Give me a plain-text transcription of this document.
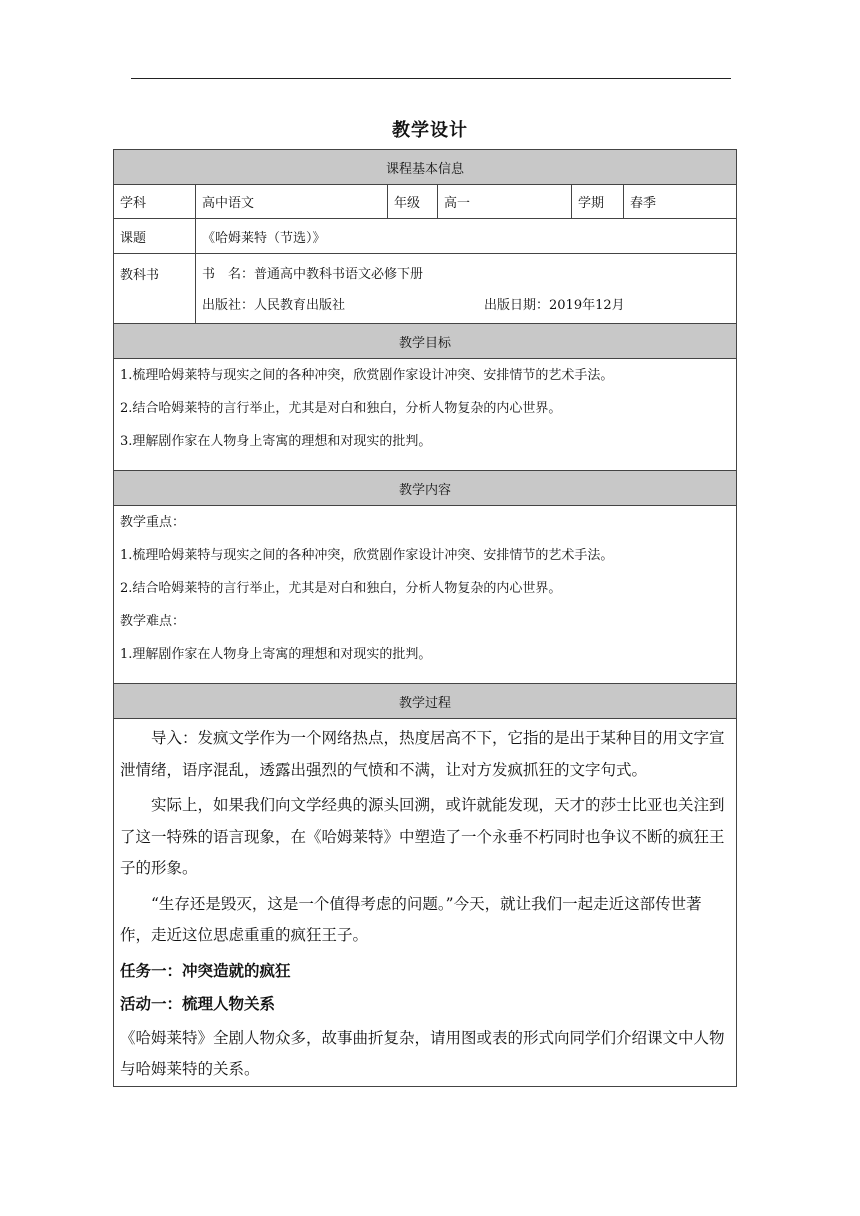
教学设计
课程基本信息
学科	高中语文	年级	高一	学期	春季
课题	《哈姆莱特（节选）》
教科书	书　名：普通高中教科书语文必修下册
出版社：人民教育出版社	出版日期：2019年12月
教学目标

1.梳理哈姆莱特与现实之间的各种冲突，欣赏剧作家设计冲突、安排情节的艺术手法。

2.结合哈姆莱特的言行举止，尤其是对白和独白，分析人物复杂的内心世界。

3.理解剧作家在人物身上寄寓的理想和对现实的批判。

教学内容

教学重点：

1.梳理哈姆莱特与现实之间的各种冲突，欣赏剧作家设计冲突、安排情节的艺术手法。

2.结合哈姆莱特的言行举止，尤其是对白和独白，分析人物复杂的内心世界。

教学难点：

1.理解剧作家在人物身上寄寓的理想和对现实的批判。

教学过程

导入：发疯文学作为一个网络热点，热度居高不下，它指的是出于某种目的用文字宣泄情绪，语序混乱，透露出强烈的气愤和不满，让对方发疯抓狂的文字句式。

实际上，如果我们向文学经典的源头回溯，或许就能发现，天才的莎士比亚也关注到了这一特殊的语言现象，在《哈姆莱特》中塑造了一个永垂不朽同时也争议不断的疯狂王子的形象。

“生存还是毁灭，这是一个值得考虑的问题。”今天，就让我们一起走近这部传世著作，走近这位思虑重重的疯狂王子。

任务一：冲突造就的疯狂

活动一：梳理人物关系

《哈姆莱特》全剧人物众多，故事曲折复杂，请用图或表的形式向同学们介绍课文中人物与哈姆莱特的关系。
